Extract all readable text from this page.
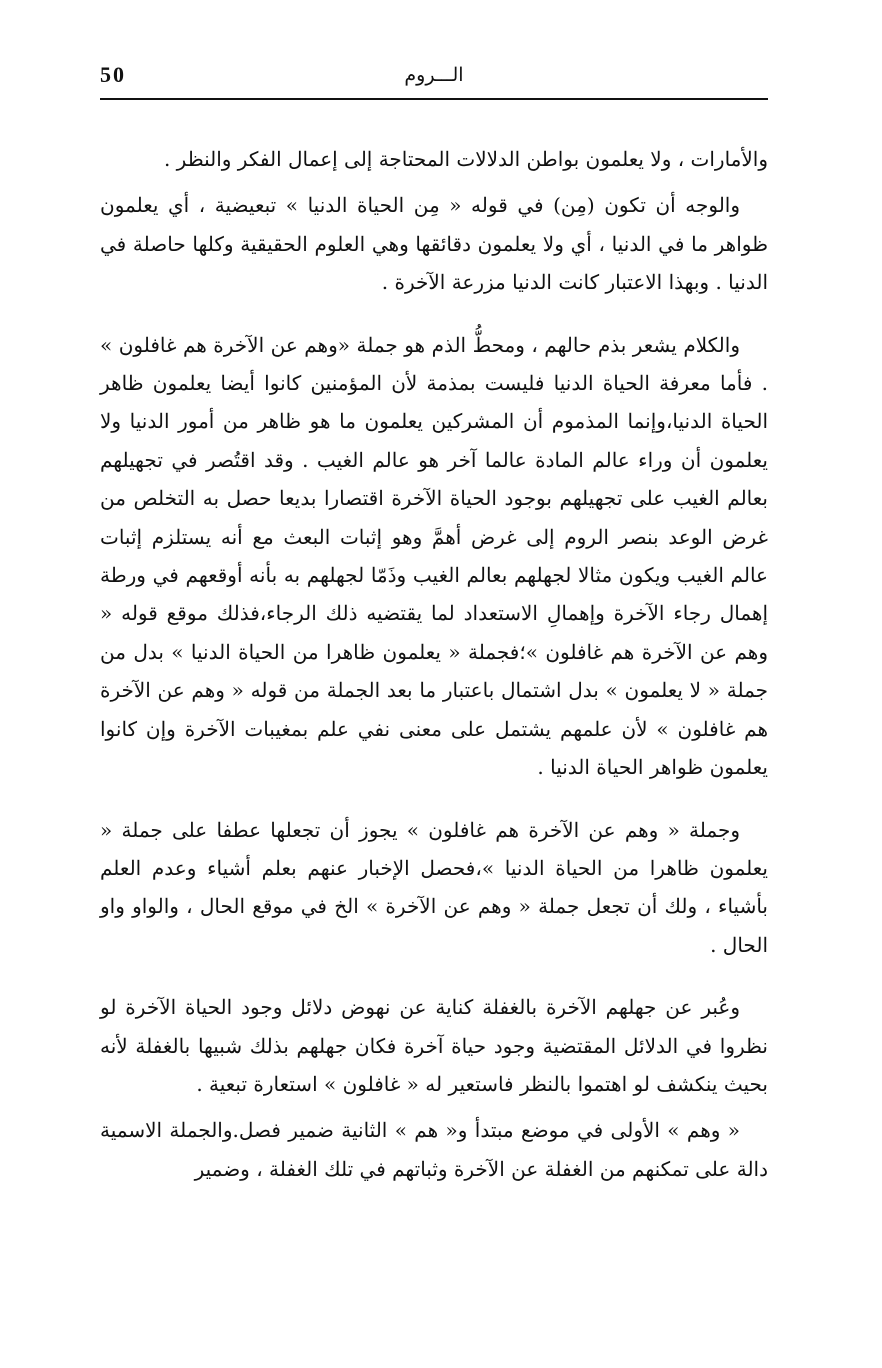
50	الـــروم

والأمارات ، ولا يعلمون بواطن الدلالات المحتاجة إلى إعمال الفكر والنظر .

والوجه أن تكون (مِن) في قوله « مِن الحياة الدنيا » تبعيضية ، أي يعلمون ظواهر ما في الدنيا ، أي ولا يعلمون دقائقها وهي العلوم الحقيقية وكلها حاصلة في الدنيا . وبهذا الاعتبار كانت الدنيا مزرعة الآخرة .

والكلام يشعر بذم حالهم ، ومحطُّ الذم هو جملة «وهم عن الآخرة هم غافلون » . فأما معرفة الحياة الدنيا فليست بمذمة لأن المؤمنين كانوا أيضا يعلمون ظاهر الحياة الدنيا،وإنما المذموم أن المشركين يعلمون ما هو ظاهر من أمور الدنيا ولا يعلمون أن وراء عالم المادة عالما آخر هو عالم الغيب . وقد اقتُصر في تجهيلهم بعالم الغيب على تجهيلهم بوجود الحياة الآخرة اقتصارا بديعا حصل به التخلص من غرض الوعد بنصر الروم إلى غرض أهمَّ وهو إثبات البعث مع أنه يستلزم إثبات عالم الغيب ويكون مثالا لجهلهم بعالم الغيب وذَمّا لجهلهم به بأنه أوقعهم في ورطة إهمال رجاء الآخرة وإهمالِ الاستعداد لما يقتضيه ذلك الرجاء،فذلك موقع قوله « وهم عن الآخرة هم غافلون »؛فجملة « يعلمون ظاهرا من الحياة الدنيا » بدل من جملة « لا يعلمون » بدل اشتمال باعتبار ما بعد الجملة من قوله « وهم عن الآخرة هم غافلون » لأن علمهم يشتمل على معنى نفي علم بمغيبات الآخرة وإن كانوا يعلمون ظواهر الحياة الدنيا .

وجملة « وهم عن الآخرة هم غافلون » يجوز أن تجعلها عطفا على جملة « يعلمون ظاهرا من الحياة الدنيا »،فحصل الإخبار عنهم بعلم أشياء وعدم العلم بأشياء ، ولك أن تجعل جملة « وهم عن الآخرة » الخ في موقع الحال ، والواو واو الحال .

وعُبر عن جهلهم الآخرة بالغفلة كناية عن نهوض دلائل وجود الحياة الآخرة لو نظروا في الدلائل المقتضية وجود حياة آخرة فكان جهلهم بذلك شبيها بالغفلة لأنه بحيث ينكشف لو اهتموا بالنظر فاستعير له « غافلون » استعارة تبعية .

« وهم » الأولى في موضع مبتدأ و« هم » الثانية ضمير فصل.والجملة الاسمية دالة على تمكنهم من الغفلة عن الآخرة وثباتهم في تلك الغفلة ، وضمير
